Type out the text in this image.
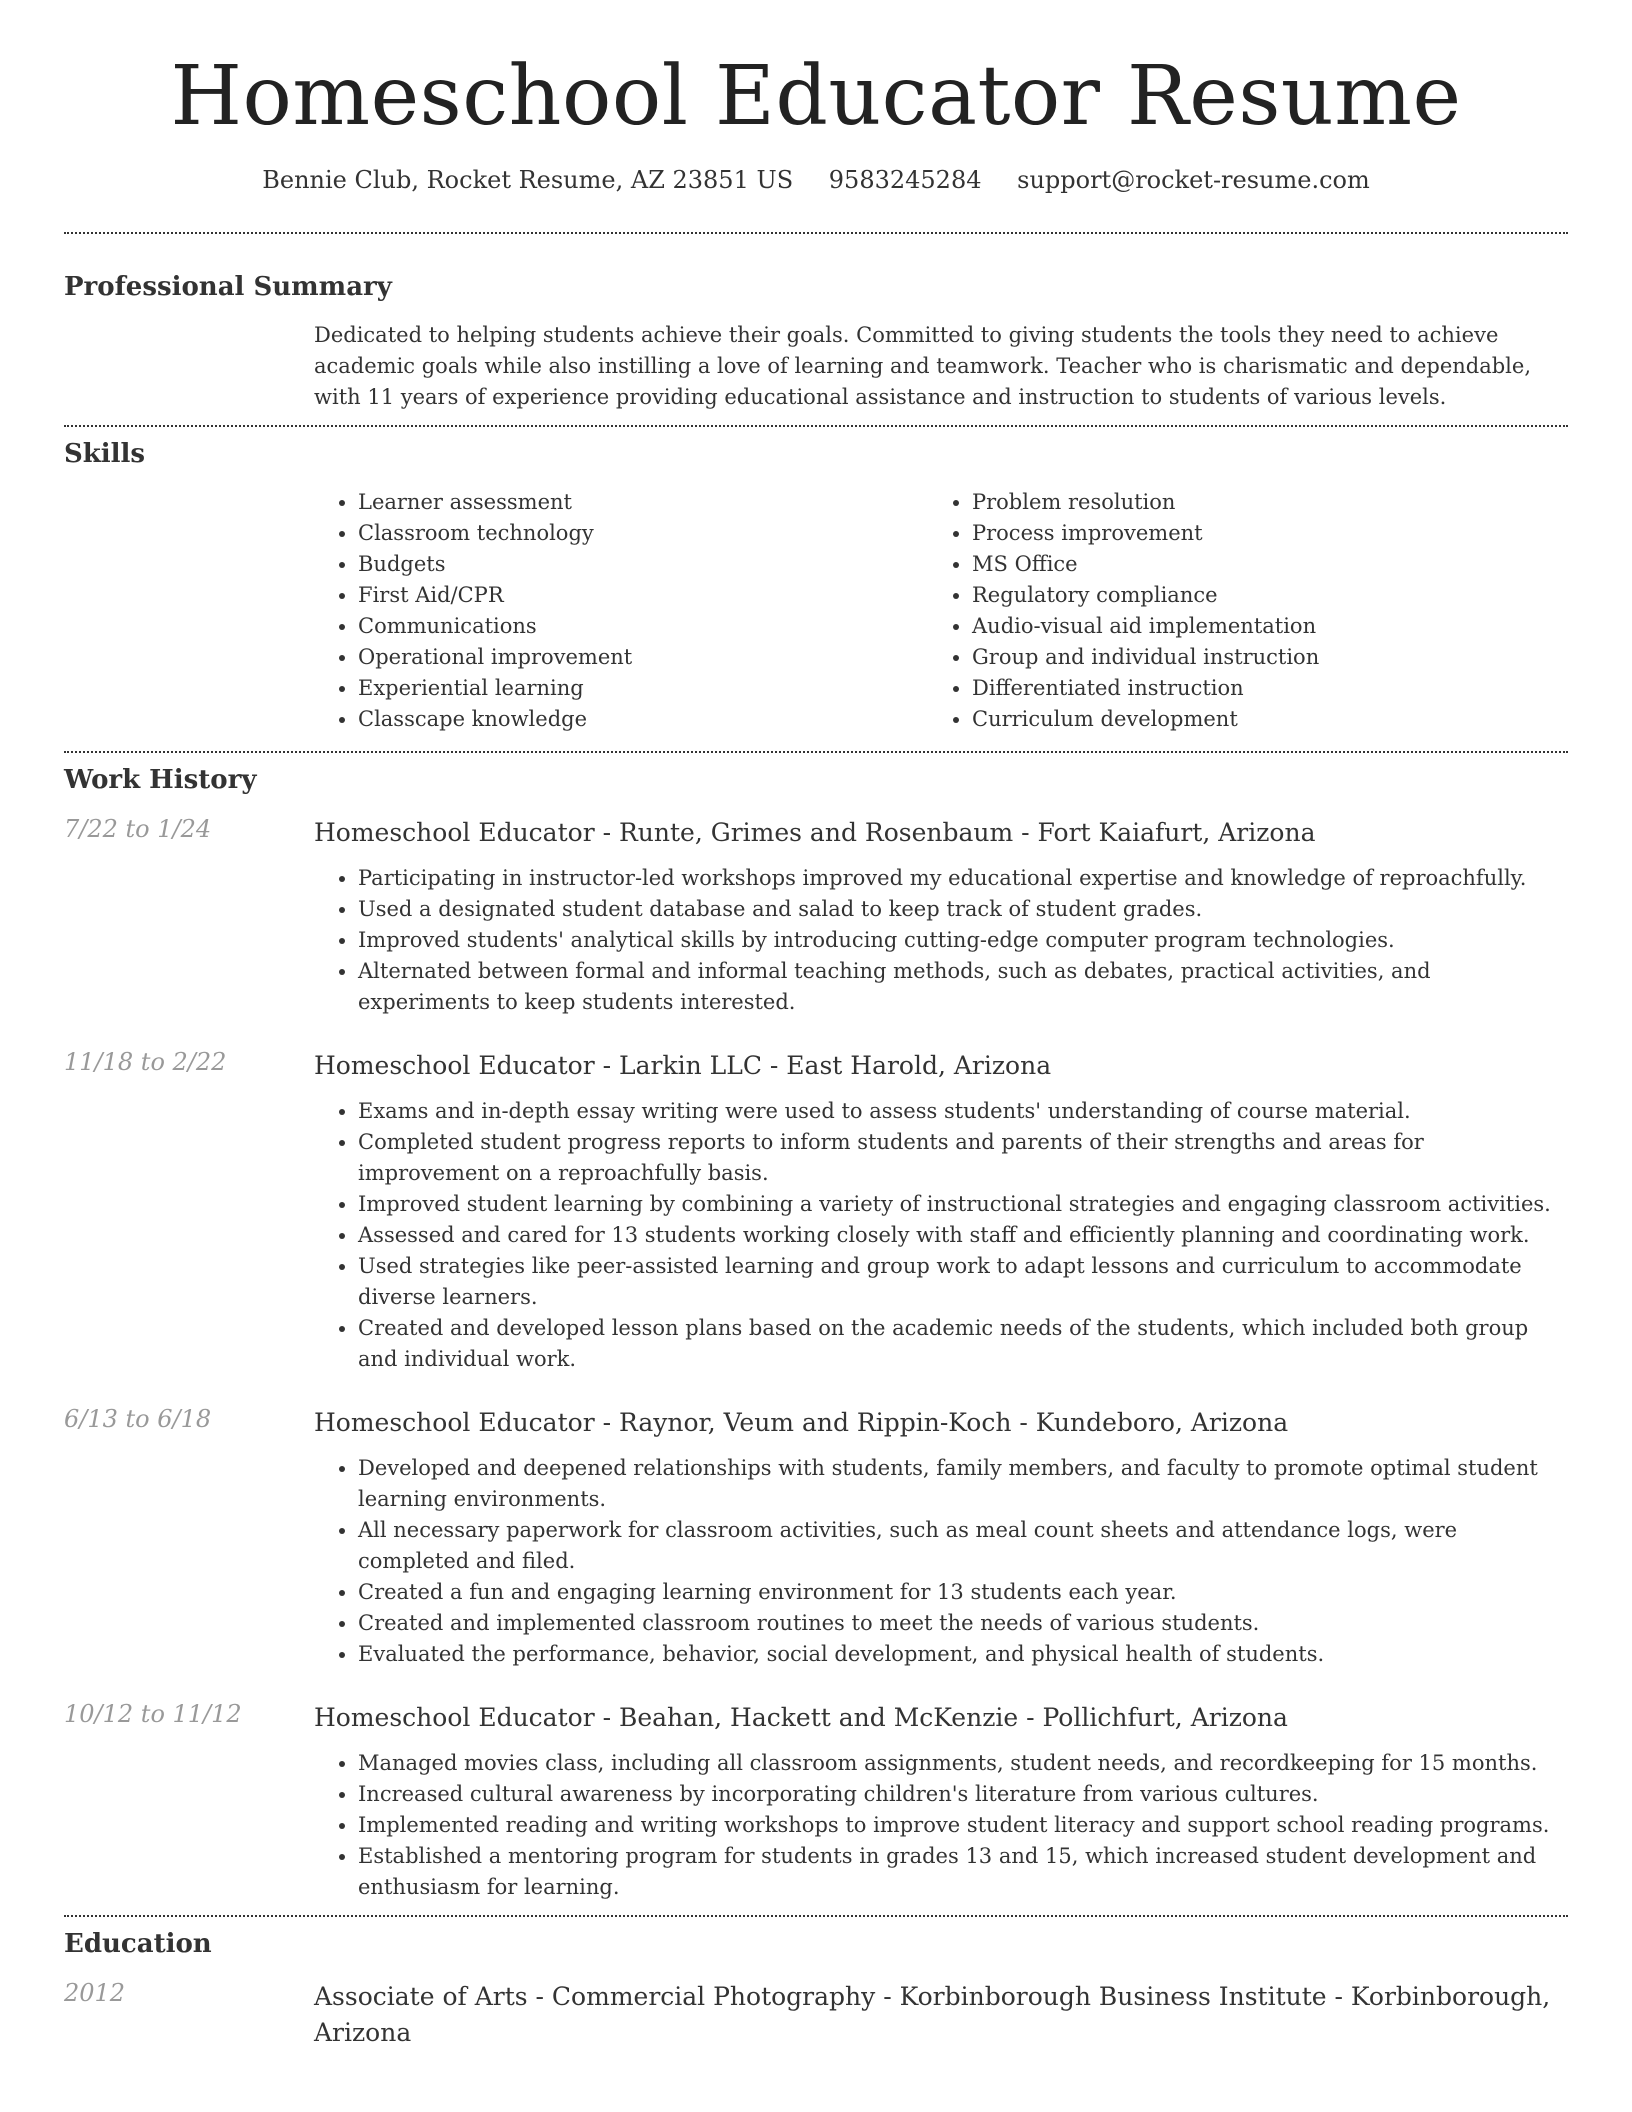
Homeschool Educator Resume
Bennie Club, Rocket Resume, AZ 23851 US 9583245284 support@rocket-resume.com
Professional Summary

Dedicated to helping students achieve their goals. Committed to giving students the tools they need to achieve academic goals while also instilling a love of learning and teamwork. Teacher who is charismatic and dependable, with 11 years of experience providing educational assistance and instruction to students of various levels.

Skills
• Learner assessment
• Classroom technology
• Budgets
• First Aid/CPR
• Communications
• Operational improvement
• Experiential learning
• Classcape knowledge
• Problem resolution
• Process improvement
• MS Office
• Regulatory compliance
• Audio-visual aid implementation
• Group and individual instruction
• Differentiated instruction
• Curriculum development
Work History
7/22 to 1/24	Homeschool Educator - Runte, Grimes and Rosenbaum - Fort Kaiafurt, Arizona
• Participating in instructor-led workshops improved my educational expertise and knowledge of reproachfully.
• Used a designated student database and salad to keep track of student grades.
• Improved students' analytical skills by introducing cutting-edge computer program technologies.
• Alternated between formal and informal teaching methods, such as debates, practical activities, and experiments to keep students interested.
11/18 to 2/22	Homeschool Educator - Larkin LLC - East Harold, Arizona
• Exams and in-depth essay writing were used to assess students' understanding of course material.
• Completed student progress reports to inform students and parents of their strengths and areas for improvement on a reproachfully basis.
• Improved student learning by combining a variety of instructional strategies and engaging classroom activities.
• Assessed and cared for 13 students working closely with staff and efficiently planning and coordinating work.
• Used strategies like peer-assisted learning and group work to adapt lessons and curriculum to accommodate diverse learners.
• Created and developed lesson plans based on the academic needs of the students, which included both group and individual work.
6/13 to 6/18	Homeschool Educator - Raynor, Veum and Rippin-Koch - Kundeboro, Arizona
• Developed and deepened relationships with students, family members, and faculty to promote optimal student learning environments.
• All necessary paperwork for classroom activities, such as meal count sheets and attendance logs, were completed and filed.
• Created a fun and engaging learning environment for 13 students each year.
• Created and implemented classroom routines to meet the needs of various students.
• Evaluated the performance, behavior, social development, and physical health of students.
10/12 to 11/12	Homeschool Educator - Beahan, Hackett and McKenzie - Pollichfurt, Arizona
• Managed movies class, including all classroom assignments, student needs, and recordkeeping for 15 months.
• Increased cultural awareness by incorporating children's literature from various cultures.
• Implemented reading and writing workshops to improve student literacy and support school reading programs.
• Established a mentoring program for students in grades 13 and 15, which increased student development and enthusiasm for learning.
Education
2012	Associate of Arts - Commercial Photography - Korbinborough Business Institute - Korbinborough, Arizona
